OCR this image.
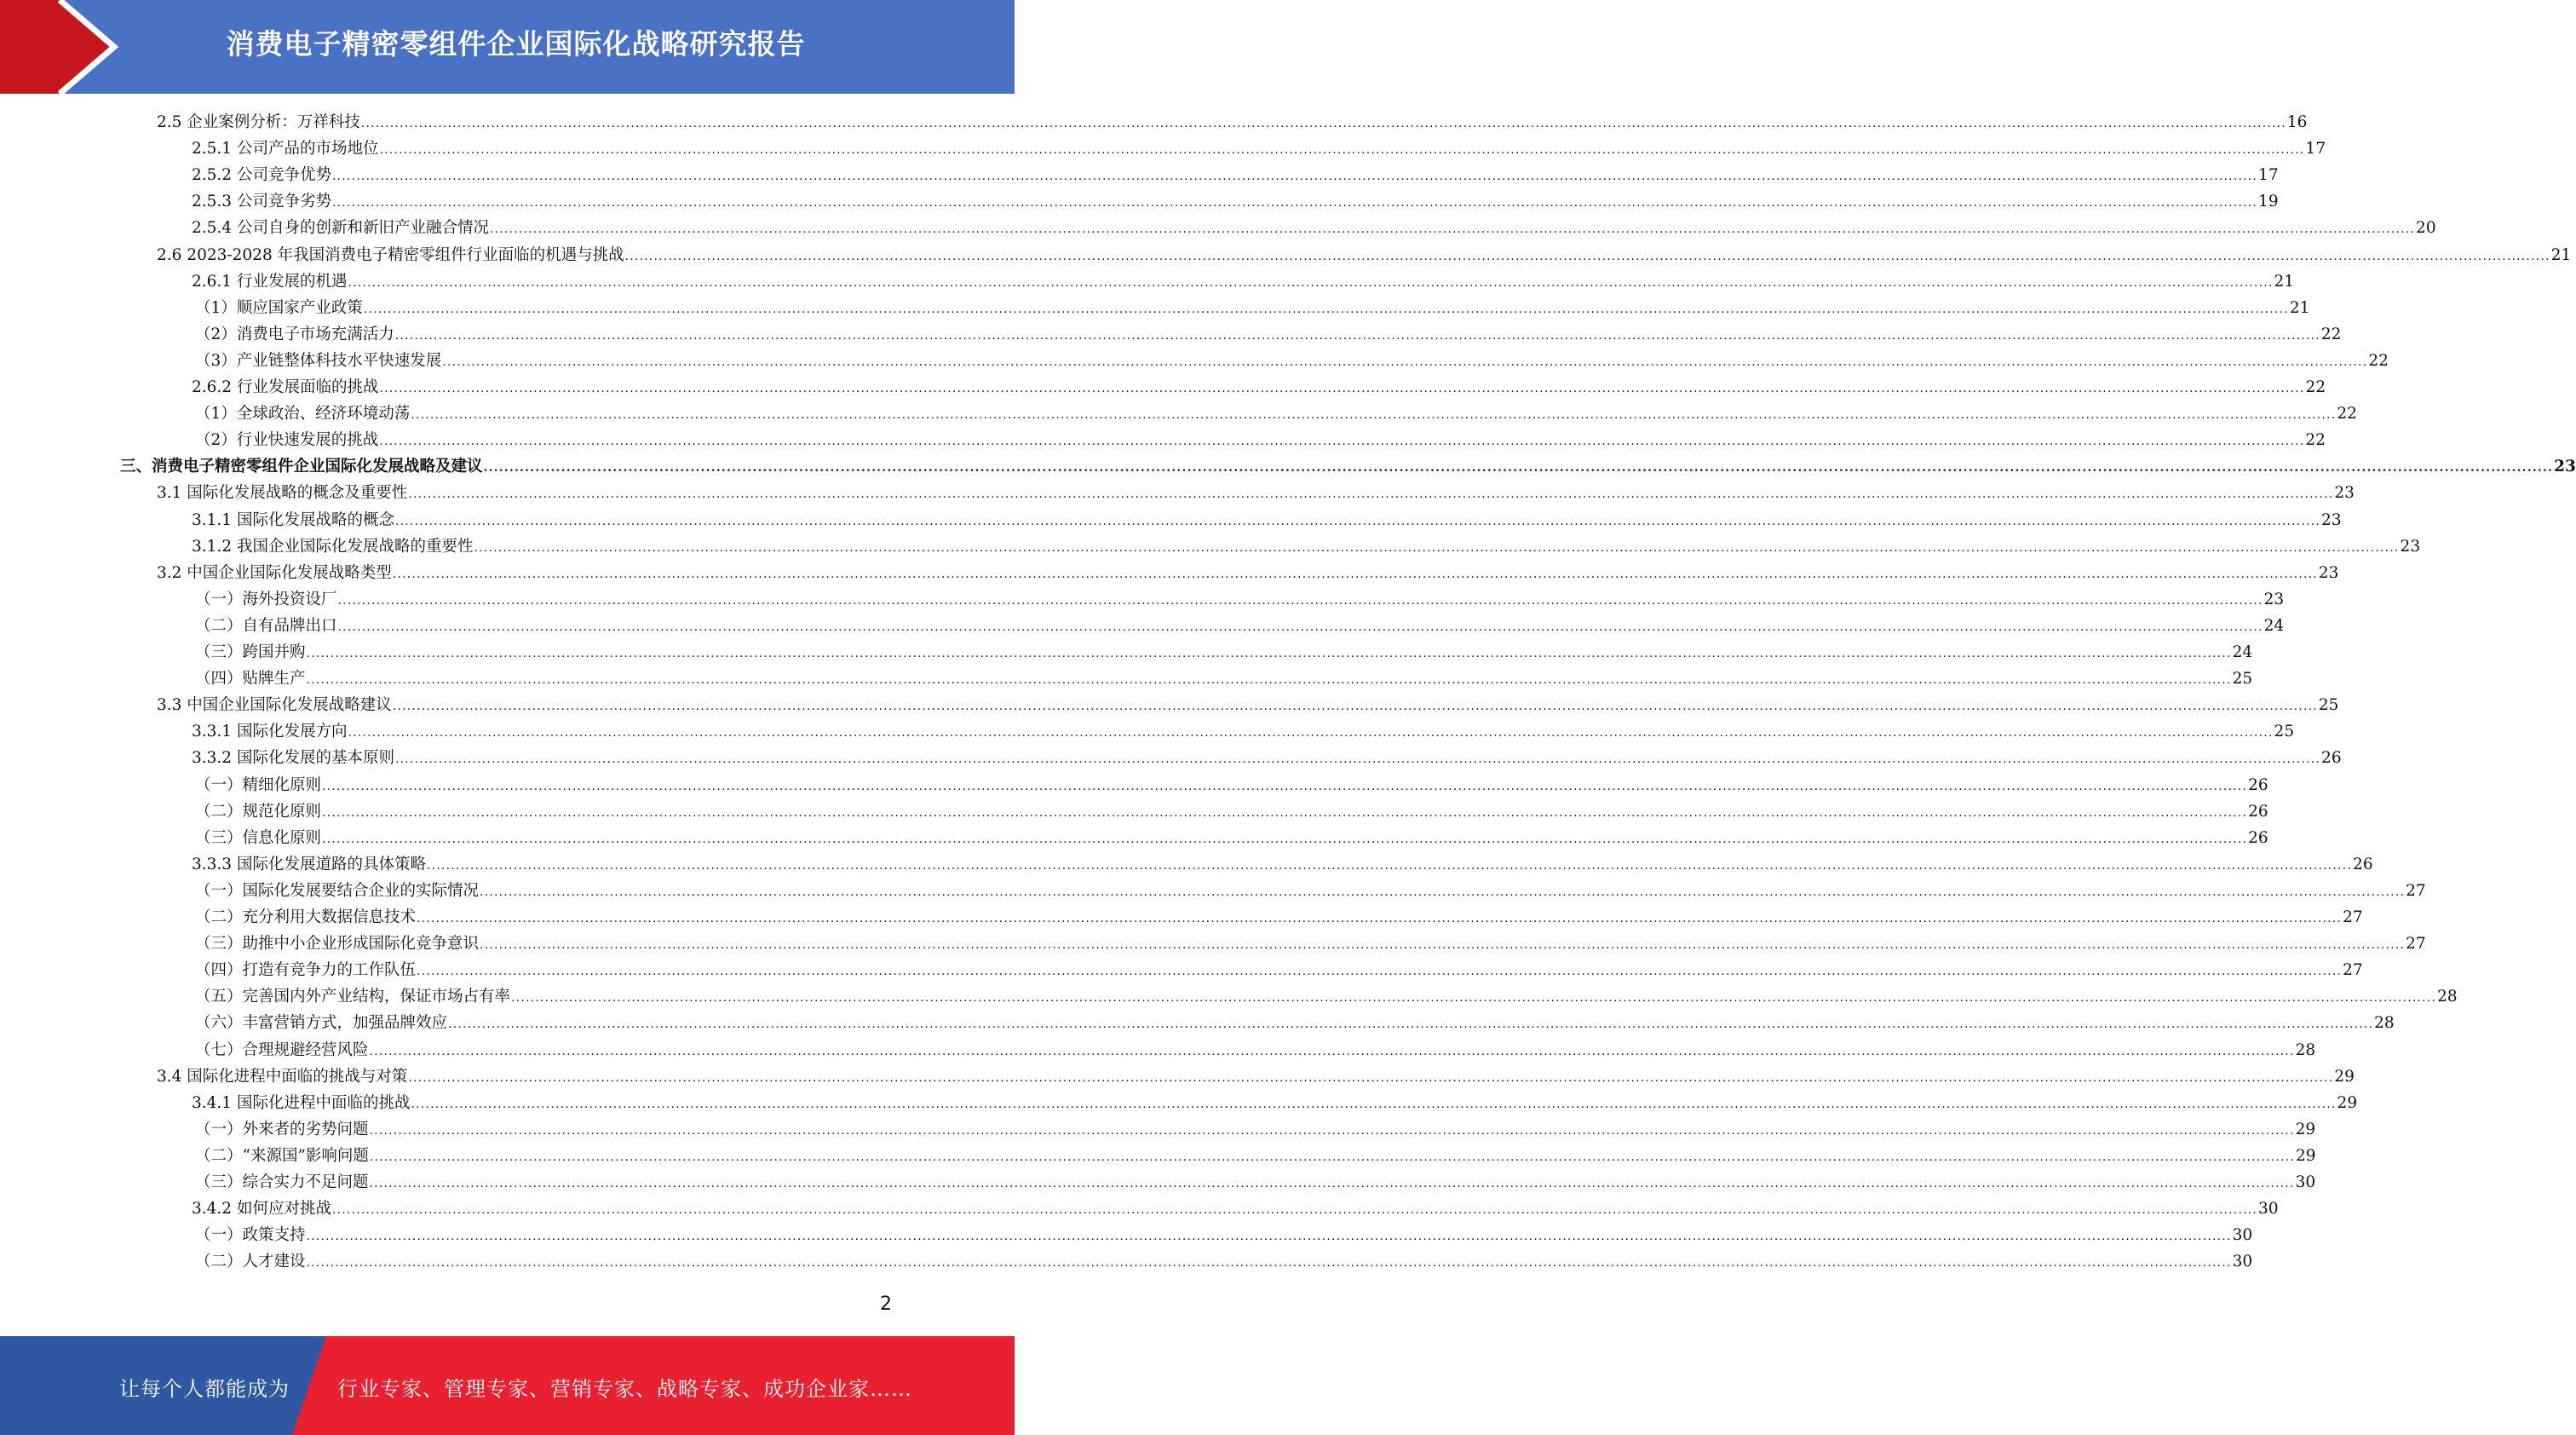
消费电子精密零组件企业国际化战略研究报告
2.5 企业案例分析：万祥科技 ................................................................................................................................................................................................................................................................................................................................................................................................................ 16
2.5.1 公司产品的市场地位 ................................................................................................................................................................................................................................................................................................................................................................................................................ 17
2.5.2 公司竞争优势 ................................................................................................................................................................................................................................................................................................................................................................................................................ 17
2.5.3 公司竞争劣势 ................................................................................................................................................................................................................................................................................................................................................................................................................ 19
2.5.4 公司自身的创新和新旧产业融合情况 ................................................................................................................................................................................................................................................................................................................................................................................................................ 20
2.6 2023-2028 年我国消费电子精密零组件行业面临的机遇与挑战 ................................................................................................................................................................................................................................................................................................................................................................................................................ 21
2.6.1 行业发展的机遇 ................................................................................................................................................................................................................................................................................................................................................................................................................ 21
（1）顺应国家产业政策 ................................................................................................................................................................................................................................................................................................................................................................................................................ 21
（2）消费电子市场充满活力 ................................................................................................................................................................................................................................................................................................................................................................................................................ 22
（3）产业链整体科技水平快速发展 ................................................................................................................................................................................................................................................................................................................................................................................................................ 22
2.6.2 行业发展面临的挑战 ................................................................................................................................................................................................................................................................................................................................................................................................................ 22
（1）全球政治、经济环境动荡 ................................................................................................................................................................................................................................................................................................................................................................................................................ 22
（2）行业快速发展的挑战 ................................................................................................................................................................................................................................................................................................................................................................................................................ 22
三、消费电子精密零组件企业国际化发展战略及建议 ................................................................................................................................................................................................................................................................................................................................................................................................................ 23
3.1 国际化发展战略的概念及重要性 ................................................................................................................................................................................................................................................................................................................................................................................................................ 23
3.1.1 国际化发展战略的概念 ................................................................................................................................................................................................................................................................................................................................................................................................................ 23
3.1.2 我国企业国际化发展战略的重要性 ................................................................................................................................................................................................................................................................................................................................................................................................................ 23
3.2 中国企业国际化发展战略类型 ................................................................................................................................................................................................................................................................................................................................................................................................................ 23
（一）海外投资设厂 ................................................................................................................................................................................................................................................................................................................................................................................................................ 23
（二）自有品牌出口 ................................................................................................................................................................................................................................................................................................................................................................................................................ 24
（三）跨国并购 ................................................................................................................................................................................................................................................................................................................................................................................................................ 24
（四）贴牌生产 ................................................................................................................................................................................................................................................................................................................................................................................................................ 25
3.3 中国企业国际化发展战略建议 ................................................................................................................................................................................................................................................................................................................................................................................................................ 25
3.3.1 国际化发展方向 ................................................................................................................................................................................................................................................................................................................................................................................................................ 25
3.3.2 国际化发展的基本原则 ................................................................................................................................................................................................................................................................................................................................................................................................................ 26
（一）精细化原则 ................................................................................................................................................................................................................................................................................................................................................................................................................ 26
（二）规范化原则 ................................................................................................................................................................................................................................................................................................................................................................................................................ 26
（三）信息化原则 ................................................................................................................................................................................................................................................................................................................................................................................................................ 26
3.3.3 国际化发展道路的具体策略 ................................................................................................................................................................................................................................................................................................................................................................................................................ 26
（一）国际化发展要结合企业的实际情况 ................................................................................................................................................................................................................................................................................................................................................................................................................ 27
（二）充分利用大数据信息技术 ................................................................................................................................................................................................................................................................................................................................................................................................................ 27
（三）助推中小企业形成国际化竞争意识 ................................................................................................................................................................................................................................................................................................................................................................................................................ 27
（四）打造有竞争力的工作队伍 ................................................................................................................................................................................................................................................................................................................................................................................................................ 27
（五）完善国内外产业结构，保证市场占有率 ................................................................................................................................................................................................................................................................................................................................................................................................................ 28
（六）丰富营销方式，加强品牌效应 ................................................................................................................................................................................................................................................................................................................................................................................................................ 28
（七）合理规避经营风险 ................................................................................................................................................................................................................................................................................................................................................................................................................ 28
3.4 国际化进程中面临的挑战与对策 ................................................................................................................................................................................................................................................................................................................................................................................................................ 29
3.4.1 国际化进程中面临的挑战 ................................................................................................................................................................................................................................................................................................................................................................................................................ 29
（一）外来者的劣势问题 ................................................................................................................................................................................................................................................................................................................................................................................................................ 29
（二）“来源国”影响问题 ................................................................................................................................................................................................................................................................................................................................................................................................................ 29
（三）综合实力不足问题 ................................................................................................................................................................................................................................................................................................................................................................................................................ 30
3.4.2 如何应对挑战 ................................................................................................................................................................................................................................................................................................................................................................................................................ 30
（一）政策支持 ................................................................................................................................................................................................................................................................................................................................................................................................................ 30
（二）人才建设 ................................................................................................................................................................................................................................................................................................................................................................................................................ 30
2
让每个人都能成为 行业专家、管理专家、营销专家、战略专家、成功企业家……
